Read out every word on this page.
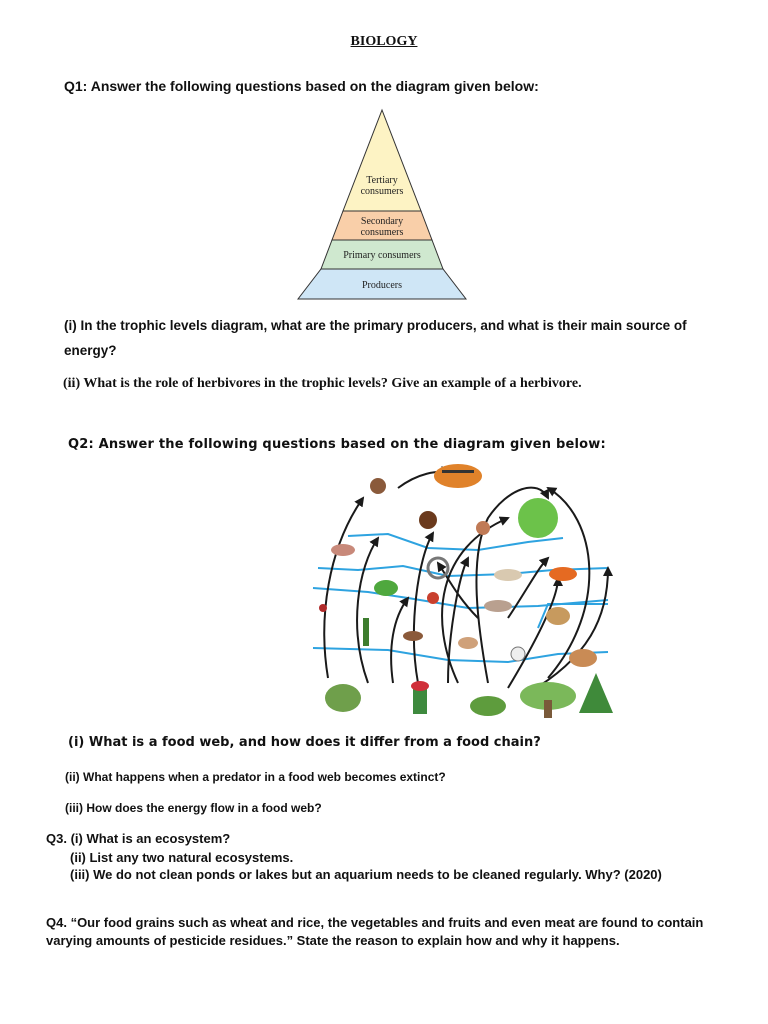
BIOLOGY
Q1: Answer the following questions based on the diagram given below:
Tertiary
consumers
Secondary
consumers
Primary consumers
Producers
(i) In the trophic levels diagram, what are the primary producers, and what is their main source of
energy?
(ii) What is the role of herbivores in the trophic levels? Give an example of a herbivore.
Q2: Answer the following questions based on the diagram given below:
(i) What is a food web, and how does it differ from a food chain?
(ii) What happens when a predator in a food web becomes extinct?
(iii) How does the energy flow in a food web?
Q3. (i) What is an ecosystem?
(ii) List any two natural ecosystems.
(iii) We do not clean ponds or lakes but an aquarium needs to be cleaned regularly. Why? (2020)
Q4. “Our food grains such as wheat and rice, the vegetables and fruits and even meat are found to contain varying amounts of pesticide residues.” State the reason to explain how and why it happens.
